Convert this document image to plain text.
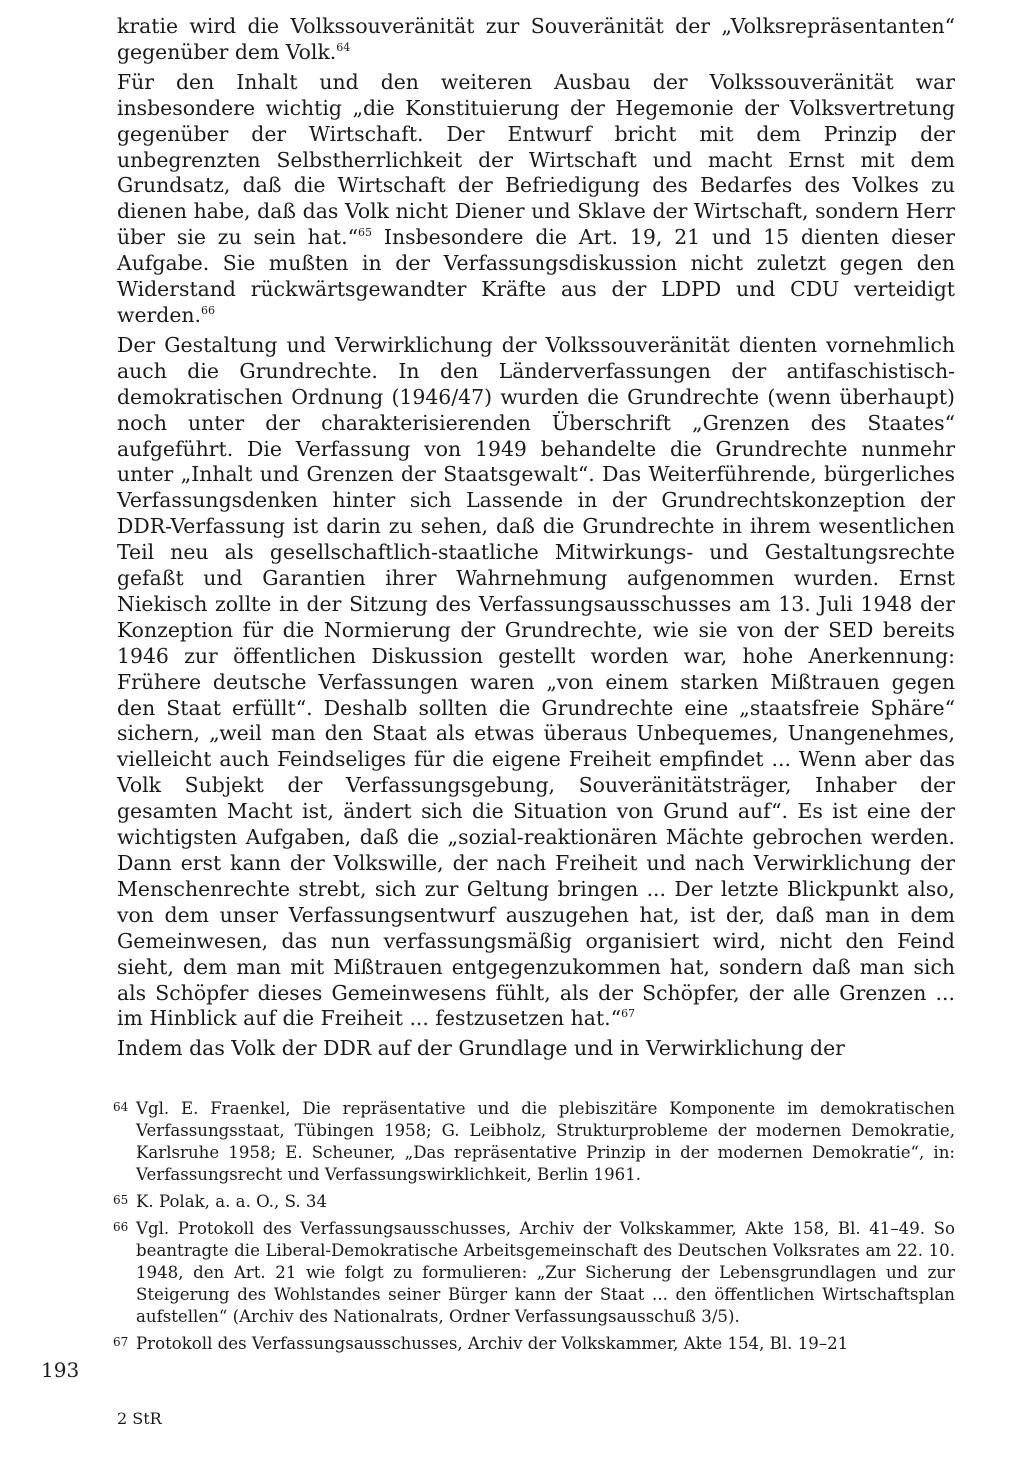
kratie wird die Volkssouveränität zur Souveränität der „Volksrepräsentanten“ gegenüber dem Volk.$^{64}$

Für den Inhalt und den weiteren Ausbau der Volkssouveränität war insbesondere wichtig „die Konstituierung der Hegemonie der Volksvertretung gegenüber der Wirtschaft. Der Entwurf bricht mit dem Prinzip der unbegrenzten Selbstherrlichkeit der Wirtschaft und macht Ernst mit dem Grundsatz, daß die Wirtschaft der Befriedigung des Bedarfes des Volkes zu dienen habe, daß das Volk nicht Diener und Sklave der Wirtschaft, sondern Herr über sie zu sein hat.“$^{65}$ Insbesondere die Art. 19, 21 und 15 dienten dieser Aufgabe. Sie mußten in der Verfassungsdiskussion nicht zuletzt gegen den Widerstand rückwärtsgewandter Kräfte aus der LDPD und CDU verteidigt werden.$^{66}$

Der Gestaltung und Verwirklichung der Volkssouveränität dienten vornehmlich auch die Grundrechte. In den Länderverfassungen der antifaschistisch-demokratischen Ordnung (1946/47) wurden die Grundrechte (wenn überhaupt) noch unter der charakterisierenden Überschrift „Grenzen des Staates“ aufgeführt. Die Verfassung von 1949 behandelte die Grundrechte nunmehr unter „Inhalt und Grenzen der Staatsgewalt“. Das Weiterführende, bürgerliches Verfassungsdenken hinter sich Lassende in der Grundrechtskonzeption der DDR-Verfassung ist darin zu sehen, daß die Grundrechte in ihrem wesentlichen Teil neu als gesellschaftlich-staatliche Mitwirkungs- und Gestaltungsrechte gefaßt und Garantien ihrer Wahrnehmung aufgenommen wurden. Ernst Niekisch zollte in der Sitzung des Verfassungsausschusses am 13. Juli 1948 der Konzeption für die Normierung der Grundrechte, wie sie von der SED bereits 1946 zur öffentlichen Diskussion gestellt worden war, hohe Anerkennung: Frühere deutsche Verfassungen waren „von einem starken Mißtrauen gegen den Staat erfüllt“. Deshalb sollten die Grundrechte eine „staatsfreie Sphäre“ sichern, „weil man den Staat als etwas überaus Unbequemes, Unangenehmes, vielleicht auch Feindseliges für die eigene Freiheit empfindet ... Wenn aber das Volk Subjekt der Verfassungsgebung, Souveränitätsträger, Inhaber der gesamten Macht ist, ändert sich die Situation von Grund auf“. Es ist eine der wichtigsten Aufgaben, daß die „sozial-reaktionären Mächte gebrochen werden. Dann erst kann der Volkswille, der nach Freiheit und nach Verwirklichung der Menschenrechte strebt, sich zur Geltung bringen ... Der letzte Blickpunkt also, von dem unser Verfassungsentwurf auszugehen hat, ist der, daß man in dem Gemeinwesen, das nun verfassungsmäßig organisiert wird, nicht den Feind sieht, dem man mit Mißtrauen entgegenzukommen hat, sondern daß man sich als Schöpfer dieses Gemeinwesens fühlt, als der Schöpfer, der alle Grenzen ... im Hinblick auf die Freiheit ... festzusetzen hat.“$^{67}$

Indem das Volk der DDR auf der Grundlage und in Verwirklichung der

64 Vgl. E. Fraenkel, Die repräsentative und die plebiszitäre Komponente im demokratischen Verfassungsstaat, Tübingen 1958; G. Leibholz, Strukturprobleme der modernen Demokratie, Karlsruhe 1958; E. Scheuner, „Das repräsentative Prinzip in der modernen Demokratie“, in: Verfassungsrecht und Verfassungswirklichkeit, Berlin 1961.
65 K. Polak, a. a. O., S. 34
66 Vgl. Protokoll des Verfassungsausschusses, Archiv der Volkskammer, Akte 158, Bl. 41–49. So beantragte die Liberal-Demokratische Arbeitsgemeinschaft des Deutschen Volksrates am 22. 10. 1948, den Art. 21 wie folgt zu formulieren: „Zur Sicherung der Lebensgrundlagen und zur Steigerung des Wohlstandes seiner Bürger kann der Staat ... den öffentlichen Wirtschaftsplan aufstellen“ (Archiv des Nationalrats, Ordner Verfassungsausschuß 3/5).
67 Protokoll des Verfassungsausschusses, Archiv der Volkskammer, Akte 154, Bl. 19–21
193
2 StR
